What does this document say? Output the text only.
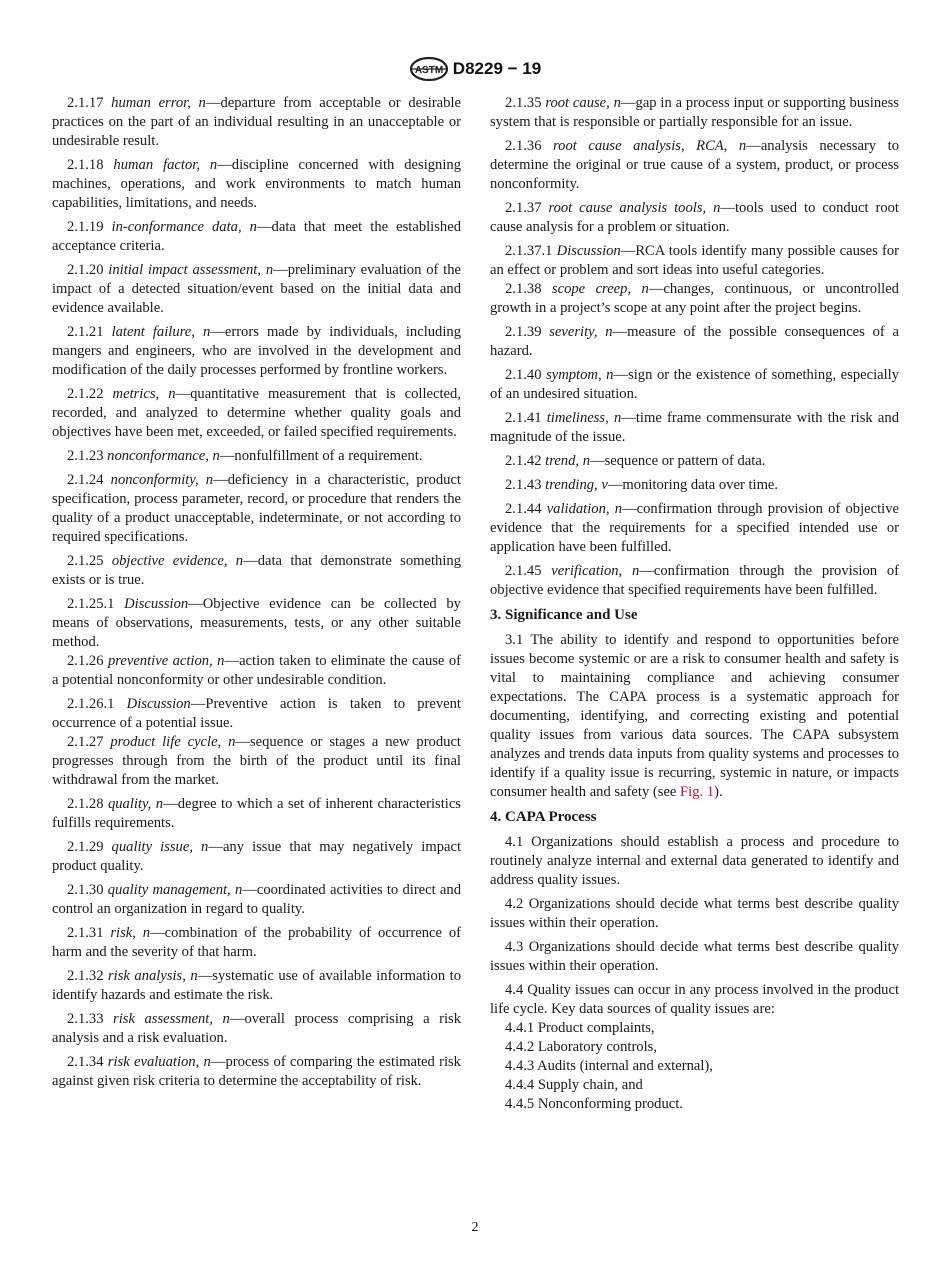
ASTM D8229 − 19

2.1.17 human error, n—departure from acceptable or desirable practices on the part of an individual resulting in an unacceptable or undesirable result.

2.1.18 human factor, n—discipline concerned with designing machines, operations, and work environments to match human capabilities, limitations, and needs.

2.1.19 in-conformance data, n—data that meet the established acceptance criteria.

2.1.20 initial impact assessment, n—preliminary evaluation of the impact of a detected situation/event based on the initial data and evidence available.

2.1.21 latent failure, n—errors made by individuals, including mangers and engineers, who are involved in the development and modification of the daily processes performed by frontline workers.

2.1.22 metrics, n—quantitative measurement that is collected, recorded, and analyzed to determine whether quality goals and objectives have been met, exceeded, or failed specified requirements.

2.1.23 nonconformance, n—nonfulfillment of a requirement.

2.1.24 nonconformity, n—deficiency in a characteristic, product specification, process parameter, record, or procedure that renders the quality of a product unacceptable, indeterminate, or not according to required specifications.

2.1.25 objective evidence, n—data that demonstrate something exists or is true.

2.1.25.1 Discussion—Objective evidence can be collected by means of observations, measurements, tests, or any other suitable method.

2.1.26 preventive action, n—action taken to eliminate the cause of a potential nonconformity or other undesirable condition.

2.1.26.1 Discussion—Preventive action is taken to prevent occurrence of a potential issue.

2.1.27 product life cycle, n—sequence or stages a new product progresses through from the birth of the product until its final withdrawal from the market.

2.1.28 quality, n—degree to which a set of inherent characteristics fulfills requirements.

2.1.29 quality issue, n—any issue that may negatively impact product quality.

2.1.30 quality management, n—coordinated activities to direct and control an organization in regard to quality.

2.1.31 risk, n—combination of the probability of occurrence of harm and the severity of that harm.

2.1.32 risk analysis, n—systematic use of available information to identify hazards and estimate the risk.

2.1.33 risk assessment, n—overall process comprising a risk analysis and a risk evaluation.

2.1.34 risk evaluation, n—process of comparing the estimated risk against given risk criteria to determine the acceptability of risk.

2.1.35 root cause, n—gap in a process input or supporting business system that is responsible or partially responsible for an issue.

2.1.36 root cause analysis, RCA, n—analysis necessary to determine the original or true cause of a system, product, or process nonconformity.

2.1.37 root cause analysis tools, n—tools used to conduct root cause analysis for a problem or situation.

2.1.37.1 Discussion—RCA tools identify many possible causes for an effect or problem and sort ideas into useful categories.

2.1.38 scope creep, n—changes, continuous, or uncontrolled growth in a project’s scope at any point after the project begins.

2.1.39 severity, n—measure of the possible consequences of a hazard.

2.1.40 symptom, n—sign or the existence of something, especially of an undesired situation.

2.1.41 timeliness, n—time frame commensurate with the risk and magnitude of the issue.

2.1.42 trend, n—sequence or pattern of data.

2.1.43 trending, v—monitoring data over time.

2.1.44 validation, n—confirmation through provision of objective evidence that the requirements for a specified intended use or application have been fulfilled.

2.1.45 verification, n—confirmation through the provision of objective evidence that specified requirements have been fulfilled.

3. Significance and Use

3.1 The ability to identify and respond to opportunities before issues become systemic or are a risk to consumer health and safety is vital to maintaining compliance and achieving consumer expectations. The CAPA process is a systematic approach for documenting, identifying, and correcting existing and potential quality issues from various data sources. The CAPA subsystem analyzes and trends data inputs from quality systems and processes to identify if a quality issue is recurring, systemic in nature, or impacts consumer health and safety (see Fig. 1).

4. CAPA Process

4.1 Organizations should establish a process and procedure to routinely analyze internal and external data generated to identify and address quality issues.

4.2 Organizations should decide what terms best describe quality issues within their operation.

4.3 Organizations should decide what terms best describe quality issues within their operation.

4.4 Quality issues can occur in any process involved in the product life cycle. Key data sources of quality issues are:

4.4.1 Product complaints,

4.4.2 Laboratory controls,

4.4.3 Audits (internal and external),

4.4.4 Supply chain, and

4.4.5 Nonconforming product.

2
